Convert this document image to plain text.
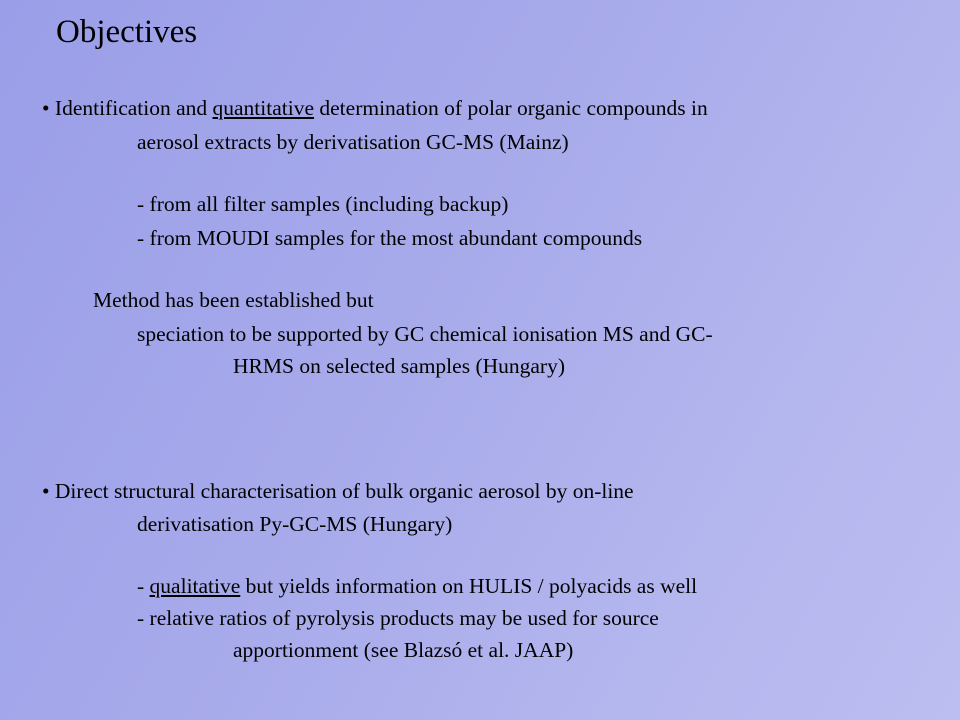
Objectives
• Identification and quantitative determination of polar organic compounds in
aerosol extracts by derivatisation GC-MS (Mainz)
- from all filter samples (including backup)
- from MOUDI samples for the most abundant compounds
Method has been established but
speciation to be supported by GC chemical ionisation MS and GC-
HRMS on selected samples (Hungary)
• Direct structural characterisation of bulk organic aerosol by on-line
derivatisation Py-GC-MS (Hungary)
- qualitative but yields information on HULIS / polyacids as well
- relative ratios of pyrolysis products may be used for source
apportionment (see Blazsó et al. JAAP)
